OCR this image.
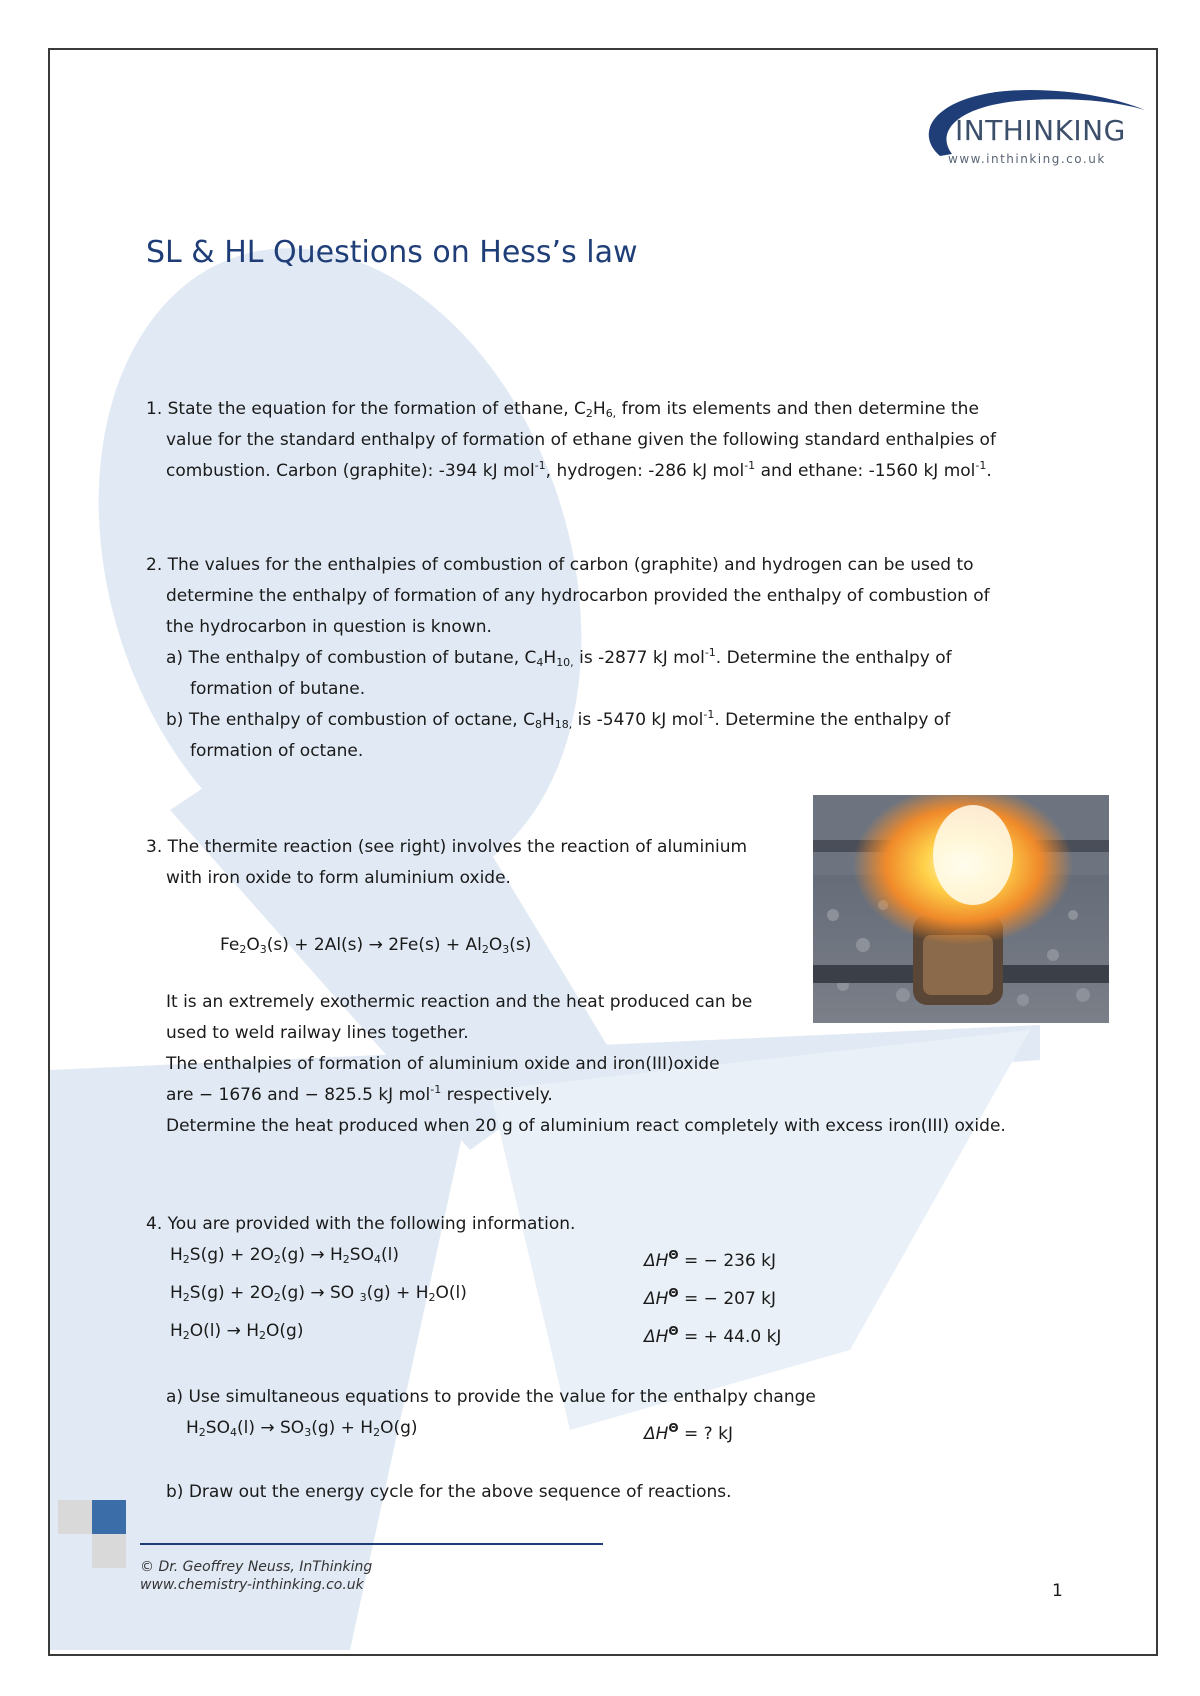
INTHINKING
www.inthinking.co.uk
SL & HL Questions on Hess’s law
1. State the equation for the formation of ethane, $C_2H_{6,}$ from its elements and then determine the
value for the standard enthalpy of formation of ethane given the following standard enthalpies of
combustion. Carbon (graphite): -394 kJ mol$^{-1}$, hydrogen: -286 kJ mol$^{-1}$ and ethane: -1560 kJ mol$^{-1}$.
2. The values for the enthalpies of combustion of carbon (graphite) and hydrogen can be used to
determine the enthalpy of formation of any hydrocarbon provided the enthalpy of combustion of
the hydrocarbon in question is known.
a) The enthalpy of combustion of butane, $C_4H_{10,}$ is -2877 kJ mol$^{-1}$. Determine the enthalpy of
formation of butane.
b) The enthalpy of combustion of octane, $C_8H_{18,}$ is -5470 kJ mol$^{-1}$. Determine the enthalpy of
formation of octane.
3. The thermite reaction (see right) involves the reaction of aluminium
with iron oxide to form aluminium oxide.
$Fe_2O_3(s) + 2Al(s) \to 2Fe(s) + Al_2O_3(s)$
It is an extremely exothermic reaction and the heat produced can be
used to weld railway lines together.
The enthalpies of formation of aluminium oxide and iron(III)oxide
are − 1676 and − 825.5 kJ mol$^{-1}$ respectively.
Determine the heat produced when 20 g of aluminium react completely with excess iron(III) oxide.
4. You are provided with the following information.
$H_2S(g) + 2O_2(g) \to H_2SO_4(l)$	$\Delta H^\Theta$ = − 236 kJ
$H_2S(g) + 2O_2(g)$ → SO $_3(g) + H_2O(l)$	$\Delta H^\Theta$ = − 207 kJ
$H_2O(l) \to H_2O(g)$	$\Delta H^\Theta$ = + 44.0 kJ
a) Use simultaneous equations to provide the value for the enthalpy change
$H_2SO_4(l) \to SO_3(g) + H_2O(g)$	$\Delta H^\Theta$ = ? kJ
b) Draw out the energy cycle for the above sequence of reactions.
© Dr. Geoffrey Neuss, InThinking
www.chemistry-inthinking.co.uk	1
